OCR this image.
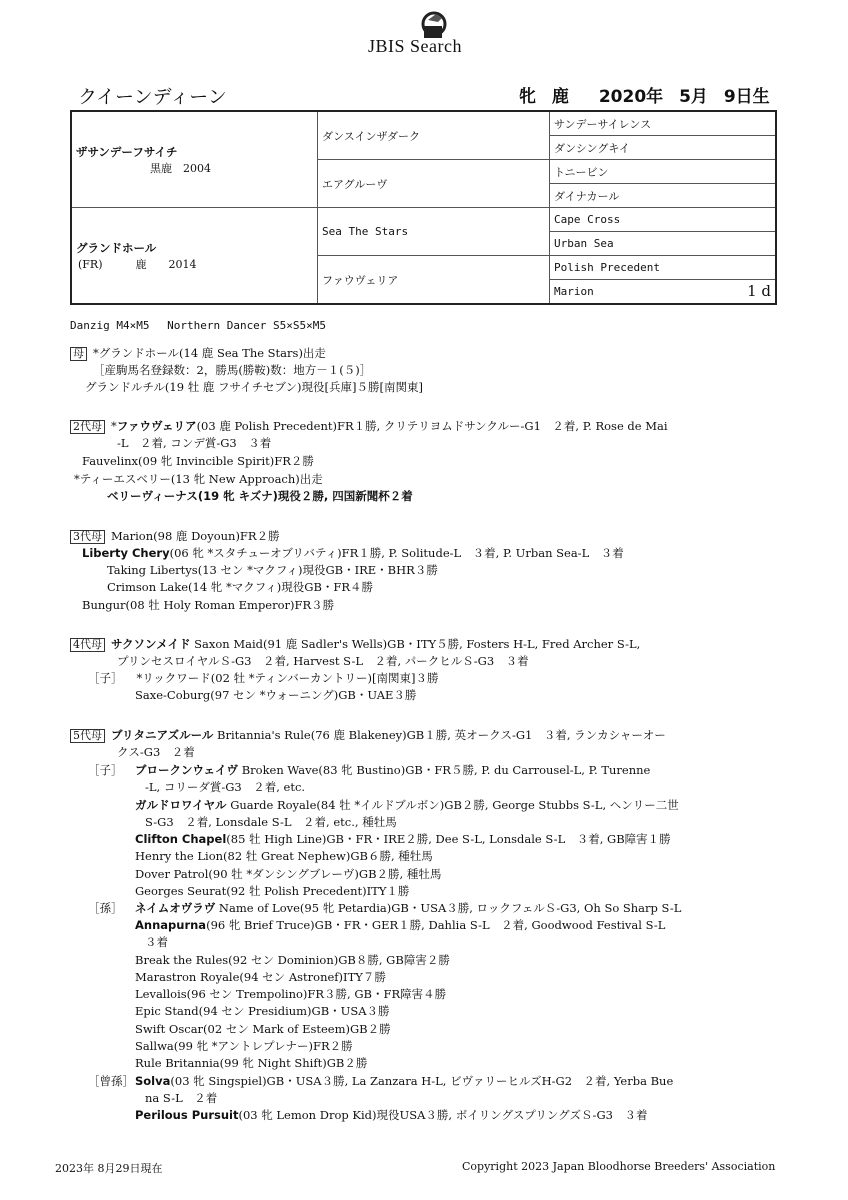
JBIS Search
クイーンディーン	牝 鹿 2020年 5月 9日生
ザサンデーフサイチ
黒鹿　2004	ダンスインザダーク	サンデーサイレンス
		ダンシングキイ
	エアグルーヴ	トニービン
		ダイナカール

グランドホール
(FR)　　　鹿　　2014	Sea The Stars	Cape Cross
		Urban Sea
	ファウヴェリア	Polish Precedent
		Marion 1 d
Danzig M4×M5　 Northern Dancer S5×S5×M5
母 *グランドホール(14 鹿 Sea The Stars)出走
［産駒馬名登録数：2，勝馬(勝鞍)数：地方－１(５)］
グランドルチル(19 牡 鹿 フサイチセブン)現役[兵庫]５勝[南関東]
2代母 *ファウヴェリア(03 鹿 Polish Precedent)FR１勝, クリテリヨムドサンクルー-G1　２着, P. Rose de Mai
-L　２着, コンデ賞-G3　３着
Fauvelinx(09 牝 Invincible Spirit)FR２勝
*ティーエスベリー(13 牝 New Approach)出走
ベリーヴィーナス(19 牝 キズナ)現役２勝, 四国新聞杯２着
3代母 Marion(98 鹿 Doyoun)FR２勝
Liberty Chery(06 牝 *スタチューオブリバティ)FR１勝, P. Solitude-L　３着, P. Urban Sea-L　３着
Taking Libertys(13 セン *マクフィ)現役GB・IRE・BHR３勝
Crimson Lake(14 牝 *マクフィ)現役GB・FR４勝
Bungur(08 牡 Holy Roman Emperor)FR３勝
4代母 サクソンメイド Saxon Maid(91 鹿 Sadler's Wells)GB・ITY５勝, Fosters H-L, Fred Archer S-L,
プリンセスロイヤルＳ-G3　２着, Harvest S-L　２着, パークヒルＳ-G3　３着
［子］ *リックワード(02 牡 *ティンバーカントリー)[南関東]３勝
Saxe-Coburg(97 セン *ウォーニング)GB・UAE３勝
5代母 ブリタニアズルール Britannia's Rule(76 鹿 Blakeney)GB１勝, 英オークス-G1　３着, ランカシャーオー
クス-G3　２着
［子］ ブロークンウェイヴ Broken Wave(83 牝 Bustino)GB・FR５勝, P. du Carrousel-L, P. Turenne
-L, コリーダ賞-G3　２着, etc.
ガルドロワイヤル Guarde Royale(84 牡 *イルドブルボン)GB２勝, George Stubbs S-L, ヘンリー二世
S-G3　２着, Lonsdale S-L　２着, etc., 種牡馬
Clifton Chapel(85 牡 High Line)GB・FR・IRE２勝, Dee S-L, Lonsdale S-L　３着, GB障害１勝
Henry the Lion(82 牡 Great Nephew)GB６勝, 種牡馬
Dover Patrol(90 牡 *ダンシングブレーヴ)GB２勝, 種牡馬
Georges Seurat(92 牡 Polish Precedent)ITY１勝
［孫］ ネイムオヴラヴ Name of Love(95 牝 Petardia)GB・USA３勝, ロックフェルＳ-G3, Oh So Sharp S-L
Annapurna(96 牝 Brief Truce)GB・FR・GER１勝, Dahlia S-L　２着, Goodwood Festival S-L
３着
Break the Rules(92 セン Dominion)GB８勝, GB障害２勝
Marastron Royale(94 セン Astronef)ITY７勝
Levallois(96 セン Trempolino)FR３勝, GB・FR障害４勝
Epic Stand(94 セン Presidium)GB・USA３勝
Swift Oscar(02 セン Mark of Esteem)GB２勝
Sallwa(99 牝 *アントレプレナー)FR２勝
Rule Britannia(99 牝 Night Shift)GB２勝
［曾孫］ Solva(03 牝 Singspiel)GB・USA３勝, La Zanzara H-L, ビヴァリーヒルズH-G2　２着, Yerba Bue
na S-L　２着
Perilous Pursuit(03 牝 Lemon Drop Kid)現役USA３勝, ボイリングスプリングズＳ-G3　３着
2023年 8月29日現在	Copyright 2023 Japan Bloodhorse Breeders' Association
